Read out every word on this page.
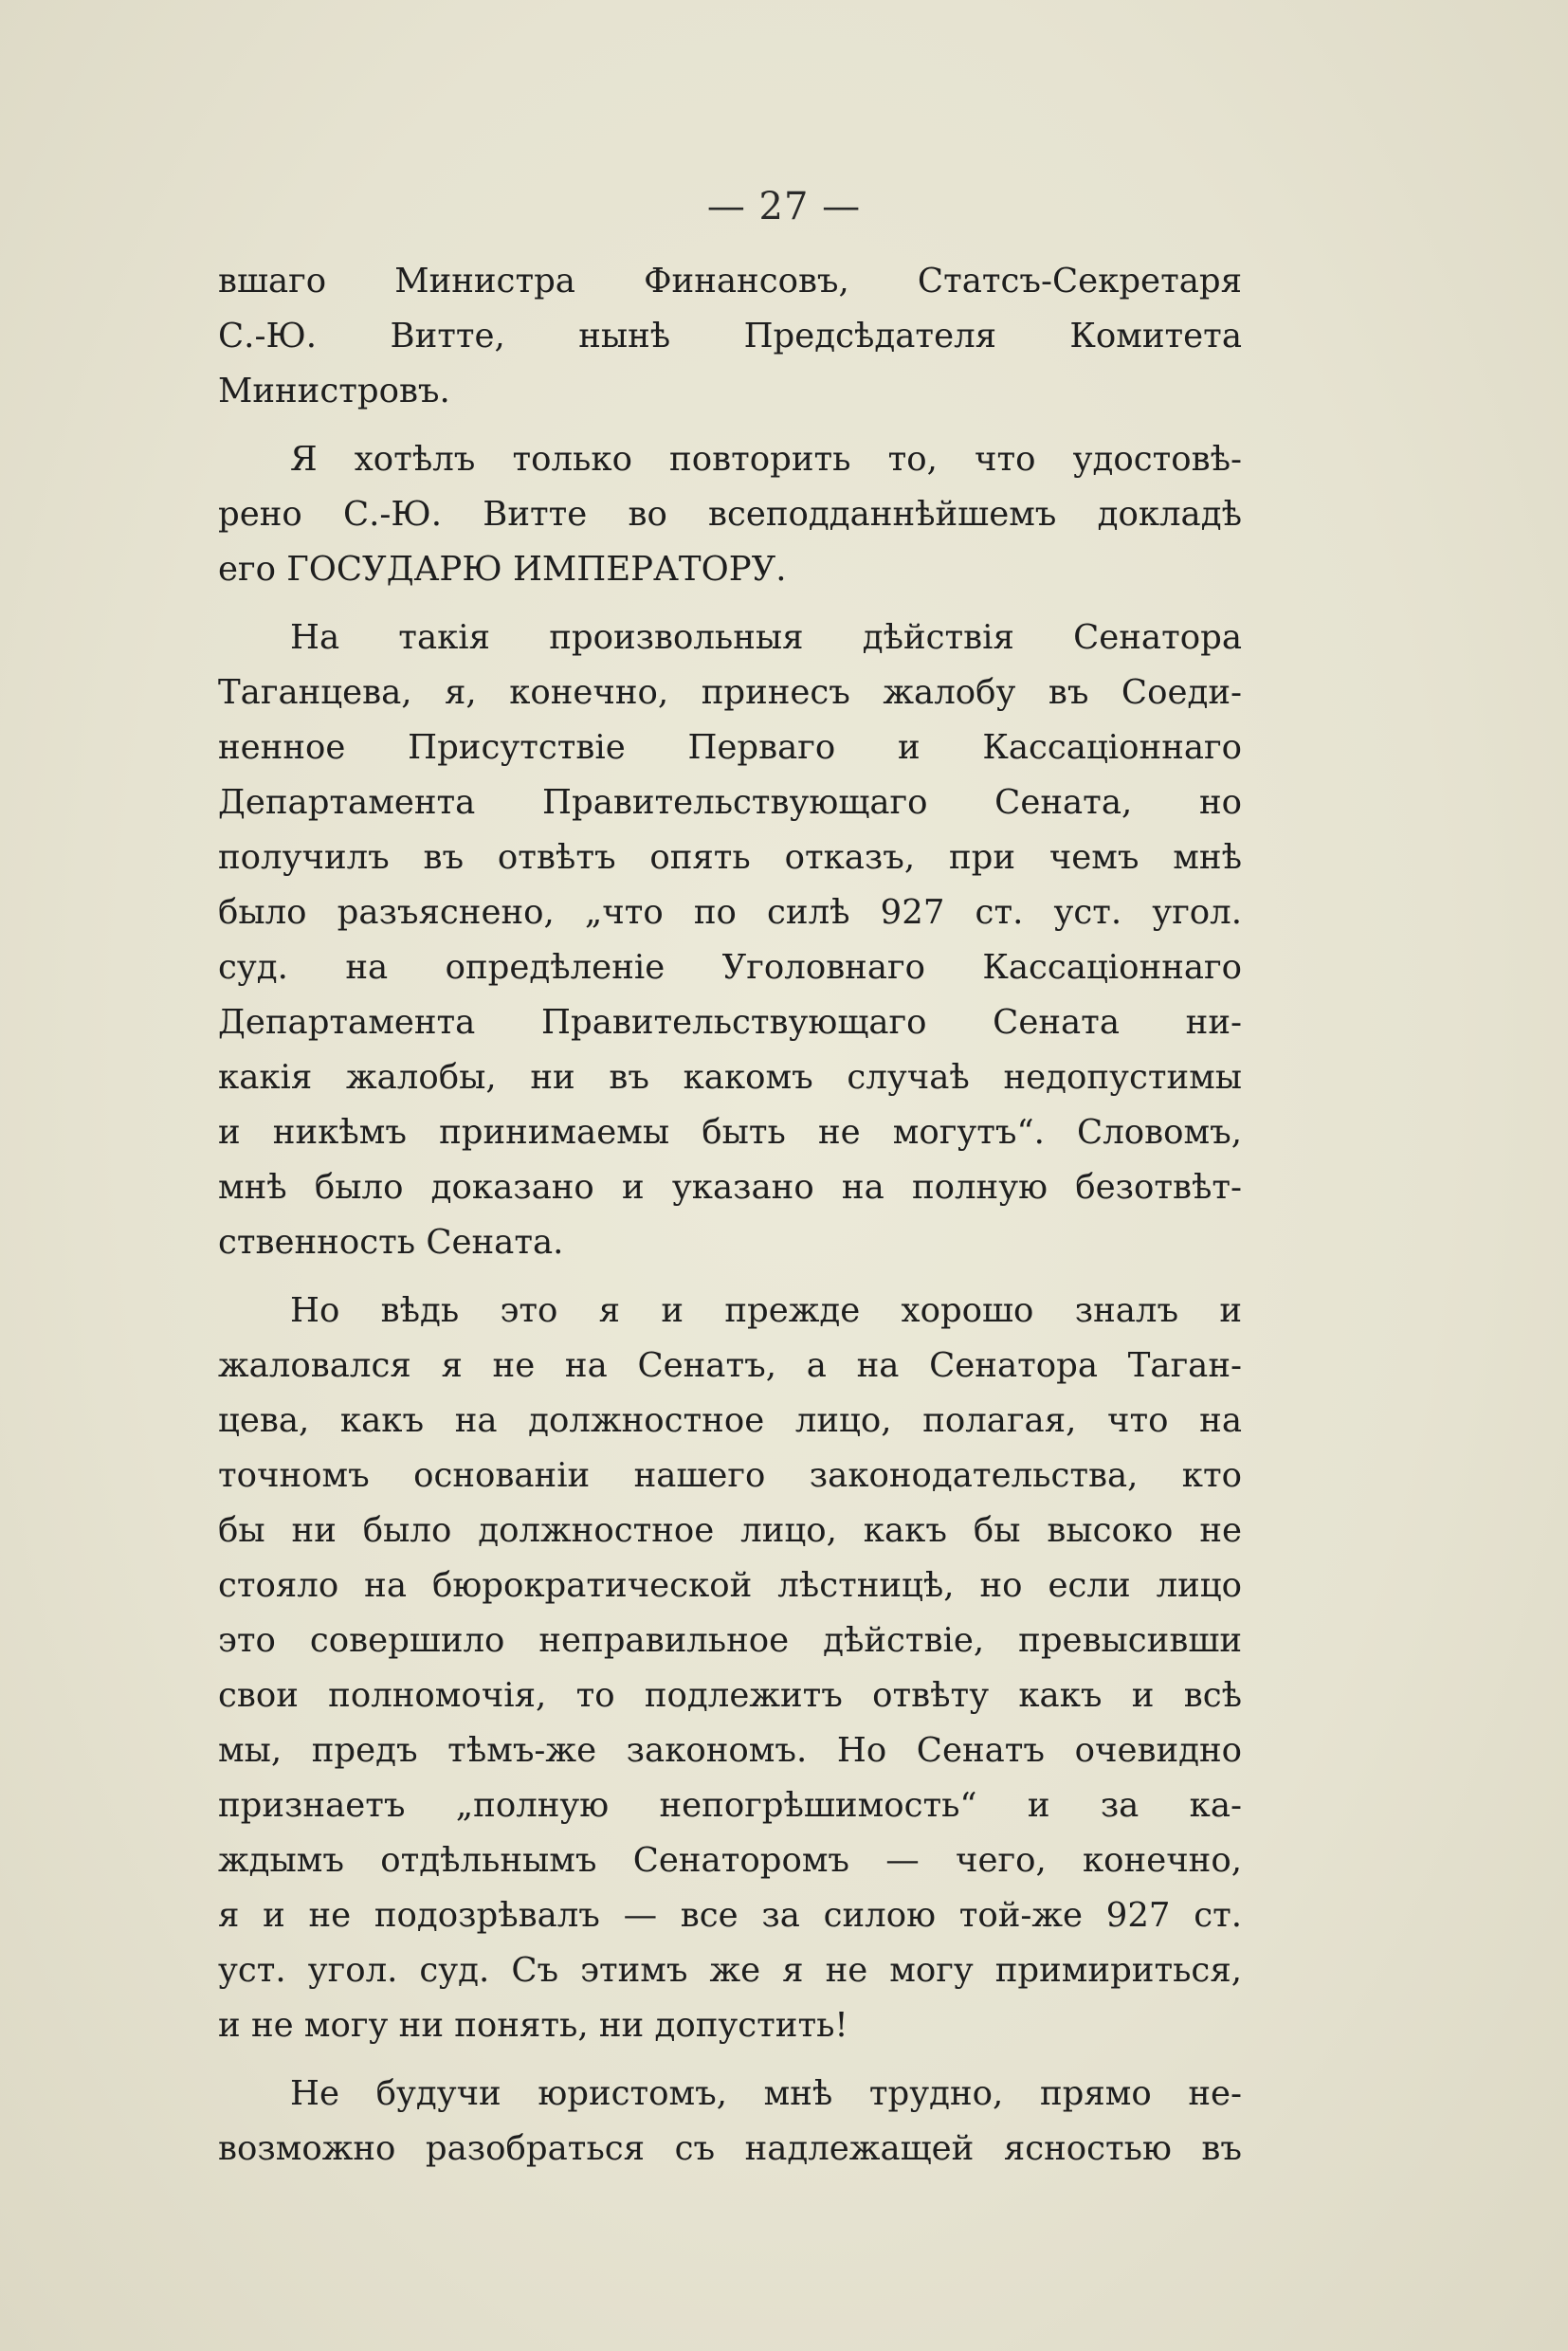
— 27 —
вшаго Министра Финансовъ, Статсъ-Секретаря
С.-Ю. Витте, нынѣ Предсѣдателя Комитета
Министровъ.
Я хотѣлъ только повторить то, что удостовѣ-
рено С.-Ю. Витте во всеподданнѣйшемъ докладѣ
его ГОСУДАРЮ ИМПЕРАТОРУ.
На такія произвольныя дѣйствія Сенатора
Таганцева, я, конечно, принесъ жалобу въ Соеди-
ненное Присутствіе Перваго и Кассаціоннаго
Департамента Правительствующаго Сената, но
получилъ въ отвѣтъ опять отказъ, при чемъ мнѣ
было разъяснено, „что по силѣ 927 ст. уст. угол.
суд. на опредѣленіе Уголовнаго Кассаціоннаго
Департамента Правительствующаго Сената ни-
какія жалобы, ни въ какомъ случаѣ недопустимы
и никѣмъ принимаемы быть не могутъ“. Словомъ,
мнѣ было доказано и указано на полную безотвѣт-
ственность Сената.
Но вѣдь это я и прежде хорошо зналъ и
жаловался я не на Сенатъ, а на Сенатора Таган-
цева, какъ на должностное лицо, полагая, что на
точномъ основаніи нашего законодательства, кто
бы ни было должностное лицо, какъ бы высоко не
стояло на бюрократической лѣстницѣ, но если лицо
это совершило неправильное дѣйствіе, превысивши
свои полномочія, то подлежитъ отвѣту какъ и всѣ
мы, предъ тѣмъ-же закономъ. Но Сенатъ очевидно
признаетъ „полную непогрѣшимость“ и за ка-
ждымъ отдѣльнымъ Сенаторомъ — чего, конечно,
я и не подозрѣвалъ — все за силою той-же 927 ст.
уст. угол. суд. Съ этимъ же я не могу примириться,
и не могу ни понять, ни допустить!
Не будучи юристомъ, мнѣ трудно, прямо не-
возможно разобраться съ надлежащей ясностью въ
